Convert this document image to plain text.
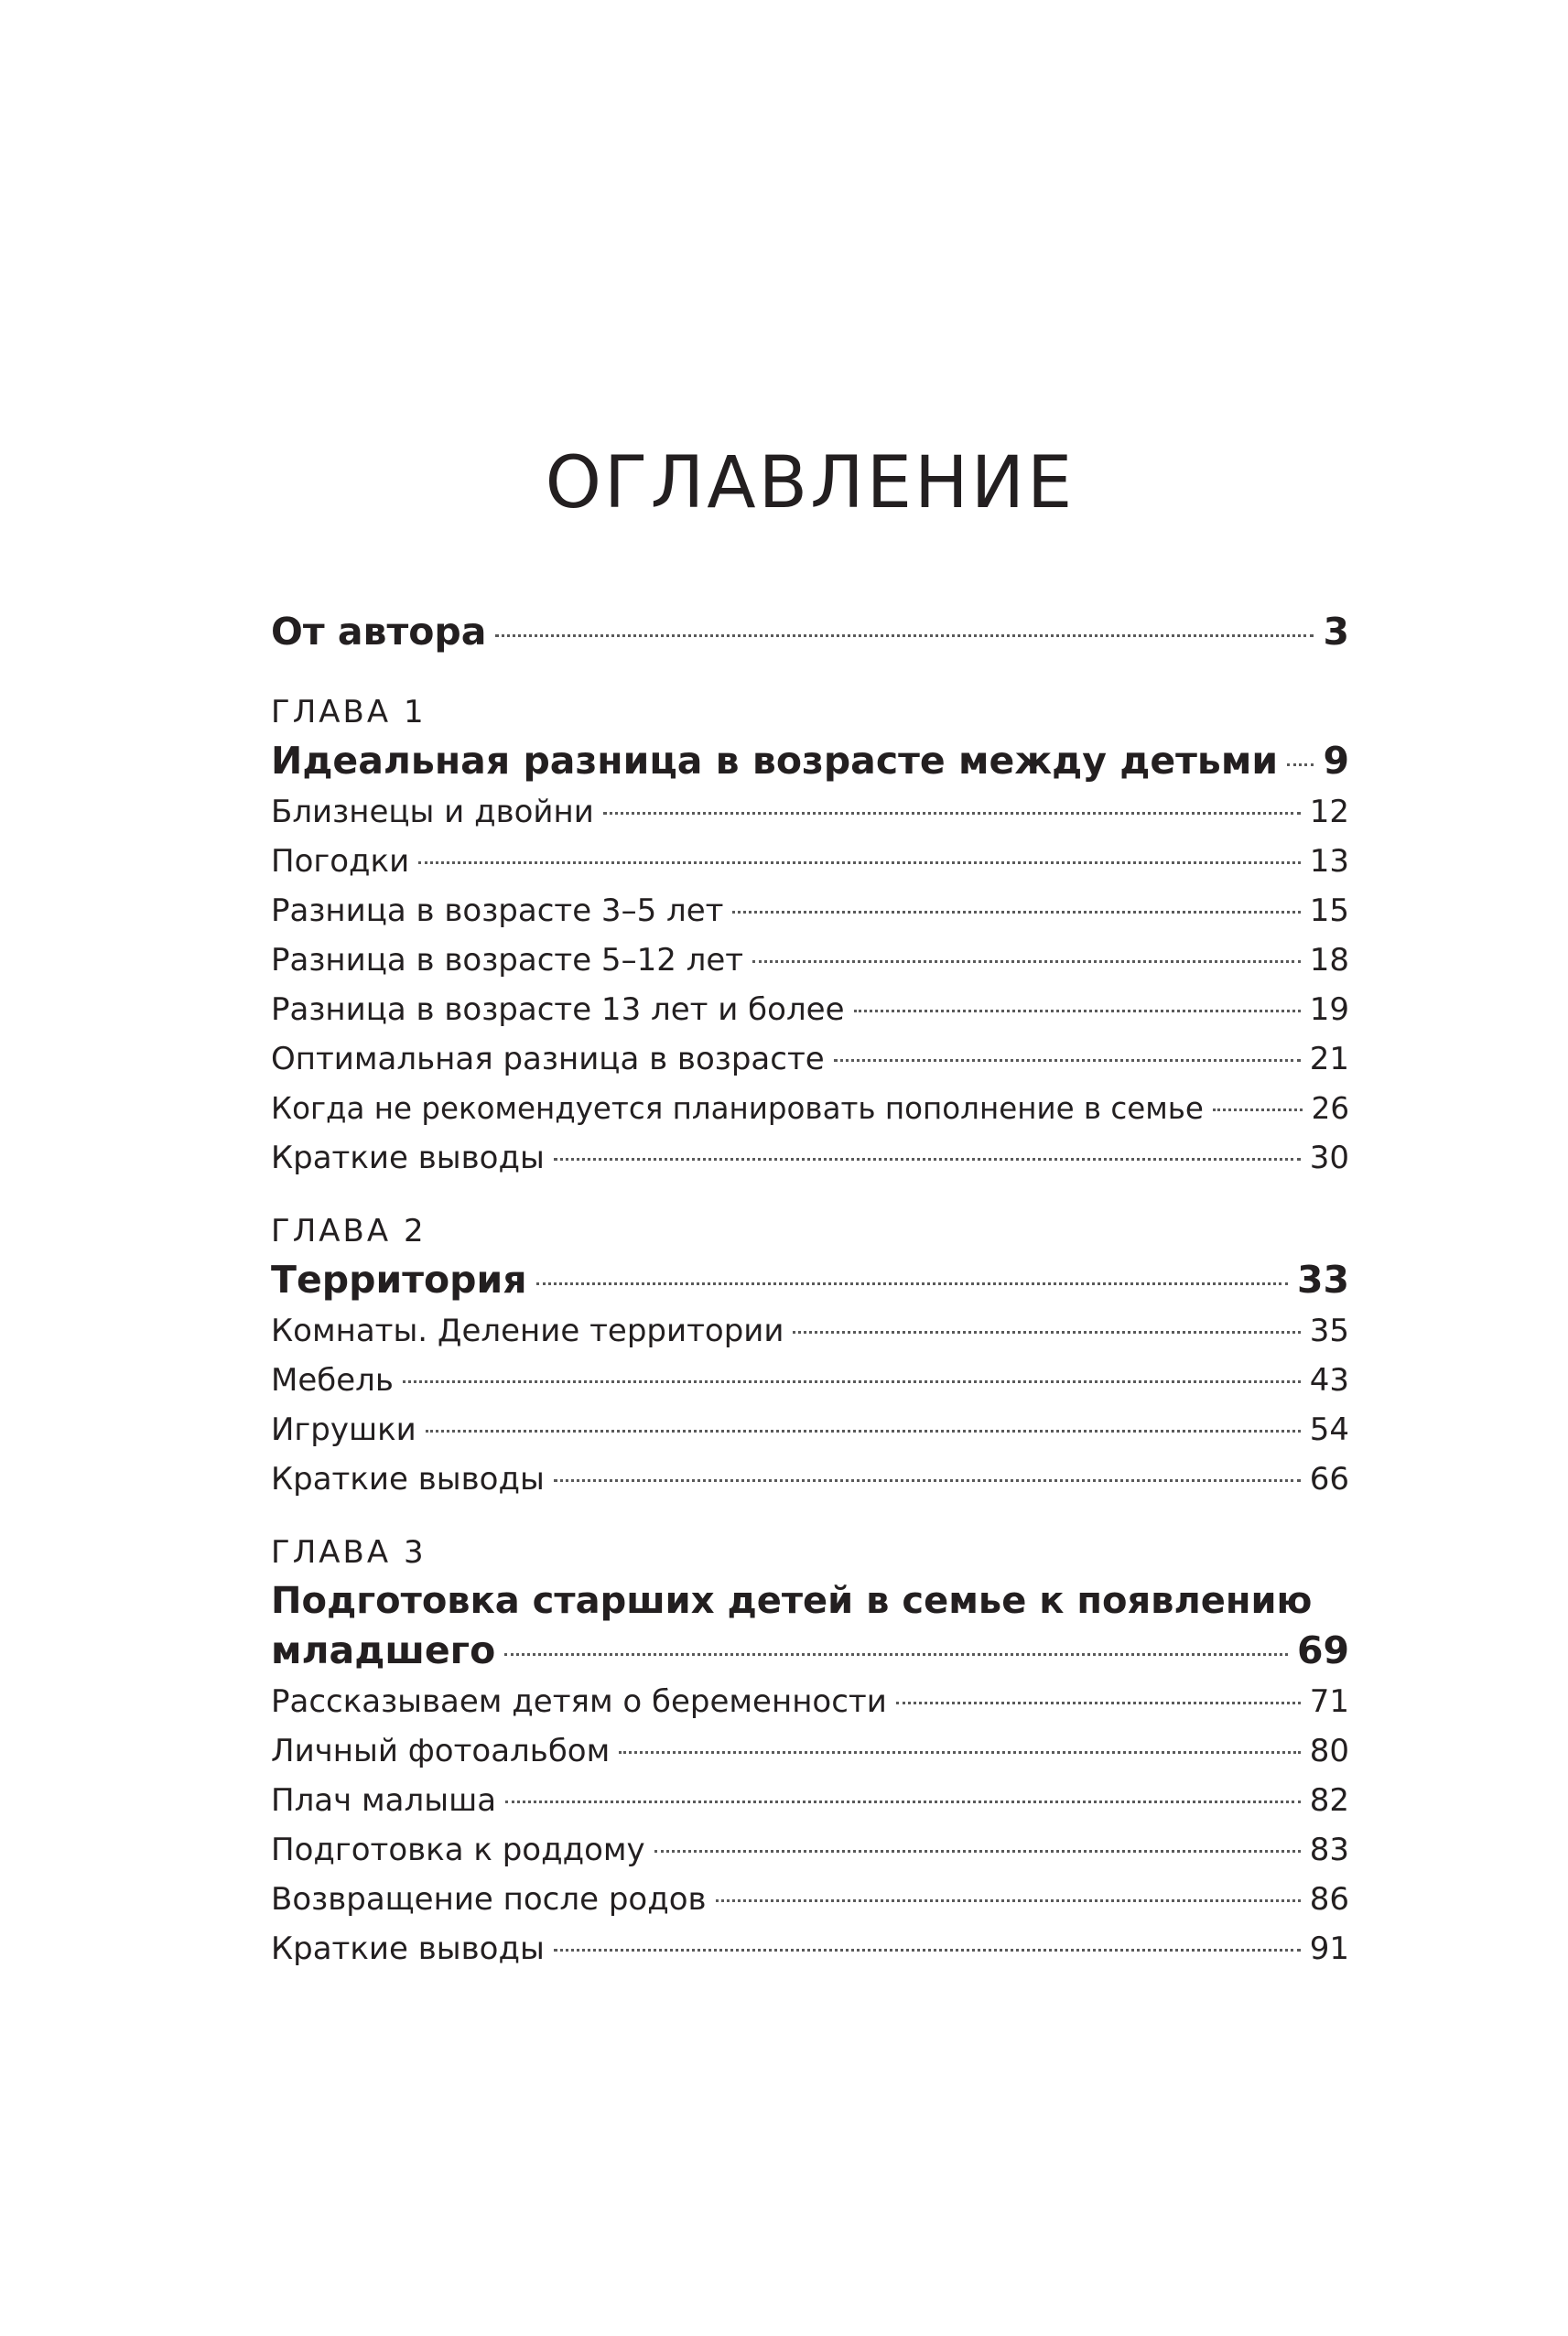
ОГЛАВЛЕНИЕ
От автора	3
ГЛАВА 1
Идеальная разница в возрасте между детьми 9
Близнецы и двойни	12
Погодки	13
Разница в возрасте 3–5 лет	15
Разница в возрасте 5–12 лет	18
Разница в возрасте 13 лет и более	19
Оптимальная разница в возрасте	21
Когда не рекомендуется планировать пополнение в семье	26
Краткие выводы	30
ГЛАВА 2
Территория	33
Комнаты. Деление территории	35
Мебель	43
Игрушки	54
Краткие выводы	66
ГЛАВА 3
Подготовка старших детей в семье к появлению
младшего	69
Рассказываем детям о беременности	71
Личный фотоальбом	80
Плач малыша	82
Подготовка к роддому	83
Возвращение после родов	86
Краткие выводы	91
